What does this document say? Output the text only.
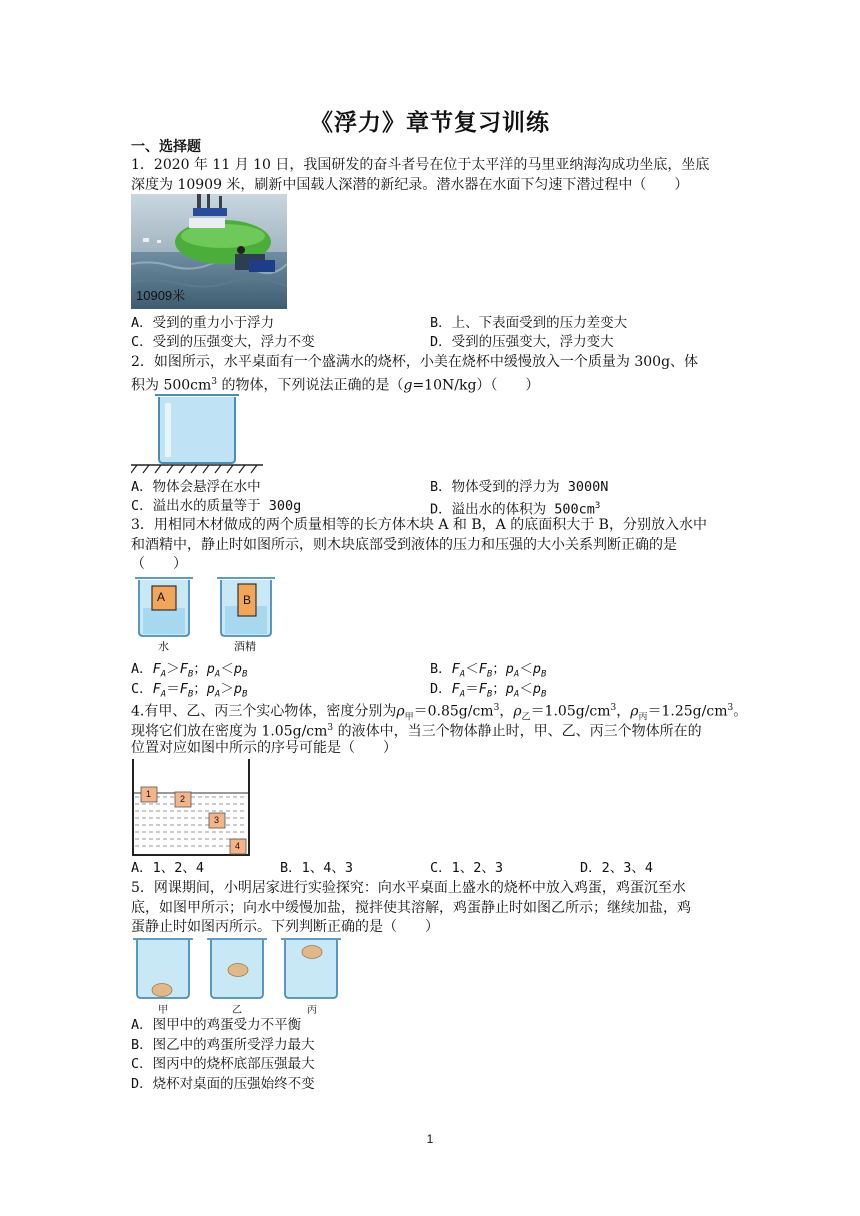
《浮力》章节复习训练
一、选择题
1．2020 年 11 月 10 日，我国研发的奋斗者号在位于太平洋的马里亚纳海沟成功坐底，坐底
深度为 10909 米，刷新中国载人深潜的新纪录。潜水器在水面下匀速下潜过程中（　　）
10909米
A．受到的重力小于浮力	B．上、下表面受到的压力差变大
C．受到的压强变大，浮力不变	D．受到的压强变大，浮力变大
2．如图所示，水平桌面有一个盛满水的烧杯，小美在烧杯中缓慢放入一个质量为 300g、体
积为 $500cm^3$ 的物体，下列说法正确的是（g=10N/kg）（　　）
A．物体会悬浮在水中	B．物体受到的浮力为 3000N
C．溢出水的质量等于 300g	D．溢出水的体积为 $500cm^3$
3．用相同木材做成的两个质量相等的长方体木块 A 和 B，A 的底面积大于 B，分别放入水中
和酒精中，静止时如图所示，则木块底部受到液体的压力和压强的大小关系判断正确的是
（　　）
A	B
水	酒精
A．$F_A>F_B$；$p_A<p_B$	B．$F_A<F_B$；$p_A<p_B$
C．$F_A=F_B$；$p_A>p_B$	D．$F_A=F_B$；$p_A<p_B$
4.有甲、乙、丙三个实心物体，密度分别为$\rho_甲=0.85g/cm^3$，$\rho_乙=1.05g/cm^3$，$\rho_丙=1.25g/cm^3$。
现将它们放在密度为 $1.05g/cm^3$ 的液体中，当三个物体静止时，甲、乙、丙三个物体所在的
位置对应如图中所示的序号可能是（　　）
1	2
3
4
A．1、2、4	B．1、4、3	C．1、2、3	D．2、3、4
5．网课期间，小明居家进行实验探究：向水平桌面上盛水的烧杯中放入鸡蛋，鸡蛋沉至水
底，如图甲所示；向水中缓慢加盐，搅拌使其溶解，鸡蛋静止时如图乙所示；继续加盐，鸡
蛋静止时如图丙所示。下列判断正确的是（　　）
甲	乙	丙
A．图甲中的鸡蛋受力不平衡
B．图乙中的鸡蛋所受浮力最大
C．图丙中的烧杯底部压强最大
D．烧杯对桌面的压强始终不变
1
